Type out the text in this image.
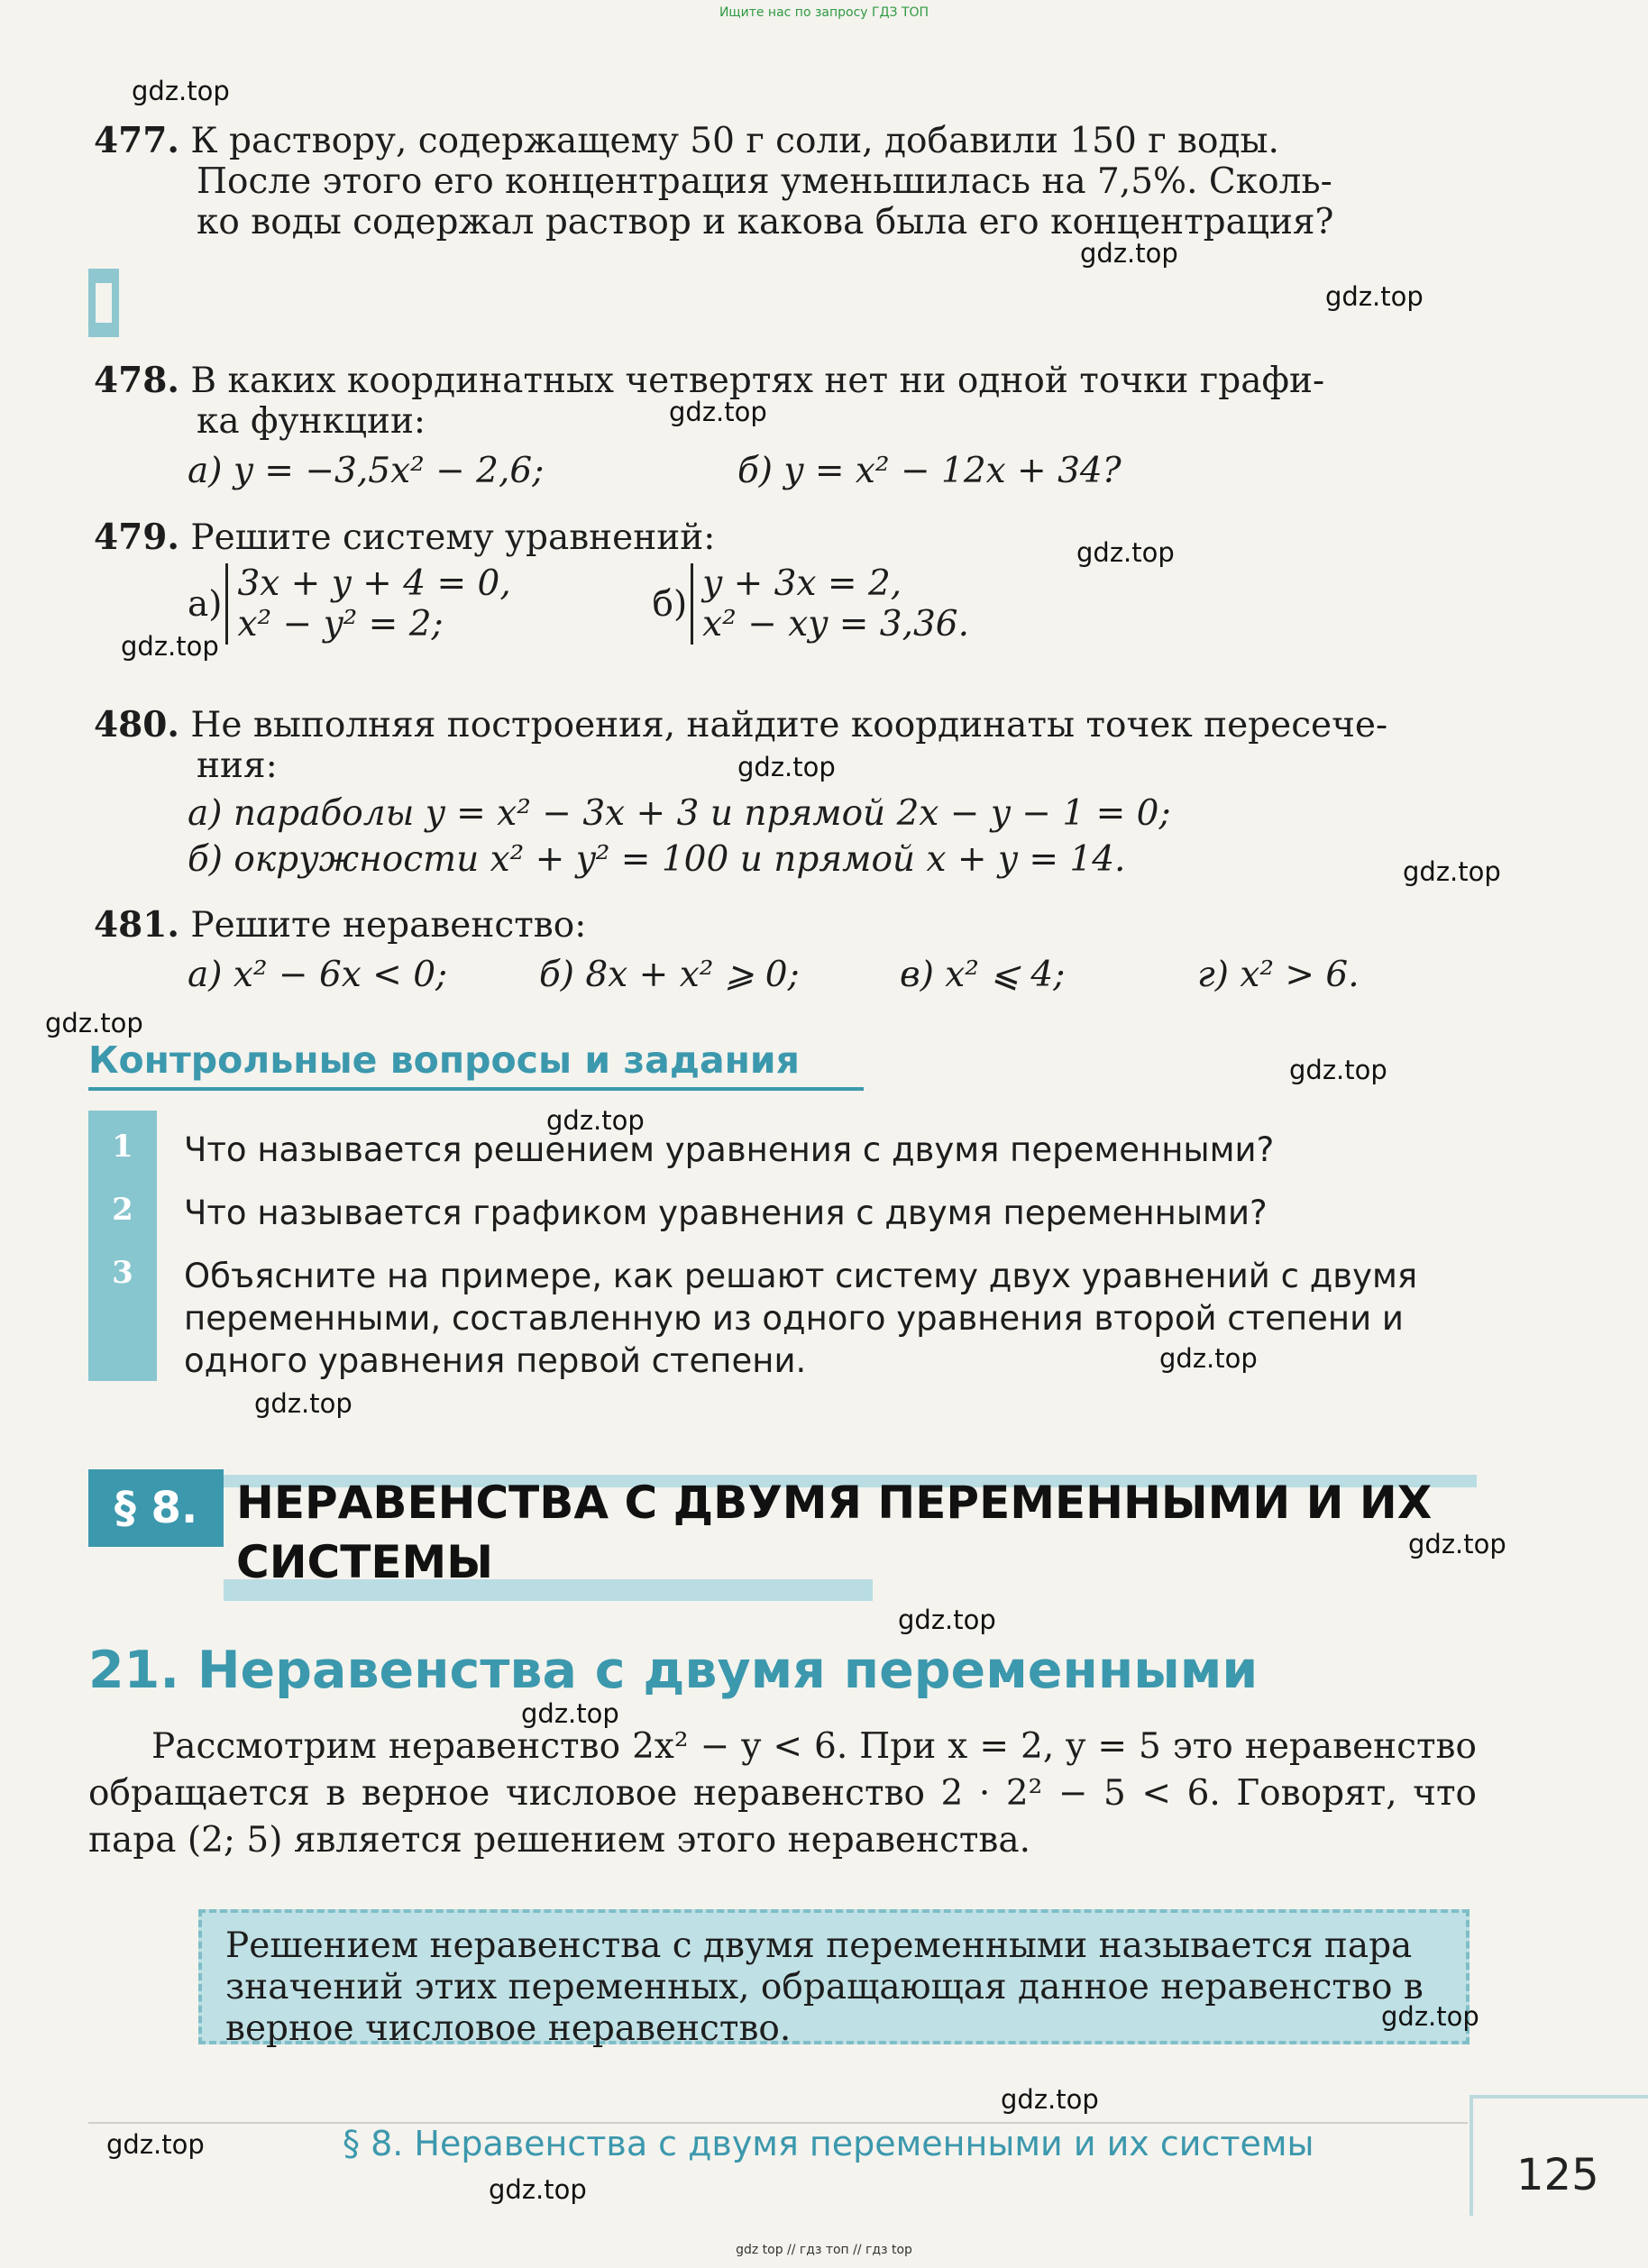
Ищите нас по запросу ГДЗ ТОП
477. К раствору, содержащему 50 г соли, добавили 150 г воды.
После этого его концентрация уменьшилась на 7,5%. Сколь-
ко воды содержал раствор и какова была его концентрация?
478. В каких координатных четвертях нет ни одной точки графи-
ка функции:
а) y = −3,5x² − 2,6;	б) y = x² − 12x + 34?
479. Решите систему уравнений:
а) 3x + y + 4 = 0,
x² − y² = 2;	б) y + 3x = 2,
x² − xy = 3,36.
480. Не выполняя построения, найдите координаты точек пересече-
ния:
а) параболы y = x² − 3x + 3 и прямой 2x − y − 1 = 0;
б) окружности x² + y² = 100 и прямой x + y = 14.
481. Решите неравенство:
а) x² − 6x < 0;	б) 8x + x² ⩾ 0;	в) x² ⩽ 4;	г) x² > 6.
Контрольные вопросы и задания
1
2
3
Что называется решением уравнения с двумя переменными?
Что называется графиком уравнения с двумя переменными?
Объясните на примере, как решают систему двух уравнений с двумя переменными, составленную из одного уравнения второй степени и одного уравнения первой степени.
§ 8. НЕРАВЕНСТВА С ДВУМЯ ПЕРЕМЕННЫМИ И ИХ СИСТЕМЫ
21. Неравенства с двумя переменными
Рассмотрим неравенство 2x² − y < 6. При x = 2, y = 5 это неравенство обращается в верное числовое неравенство 2 · 2² − 5 < 6. Говорят, что пара (2; 5) является решением этого неравенства.
Решением неравенства с двумя переменными называется пара значений этих переменных, обращающая данное неравенство в верное числовое неравенство.
§ 8. Неравенства с двумя переменными и их системы
125
gdz.top
gdz.top
gdz.top
gdz.top
gdz.top
gdz.top
gdz.top
gdz.top
gdz.top
gdz.top
gdz.top
gdz.top
gdz.top
gdz.top
gdz.top
gdz.top
gdz.top
gdz.top
gdz.top
gdz.top
gdz top // гдз топ // гдз top
